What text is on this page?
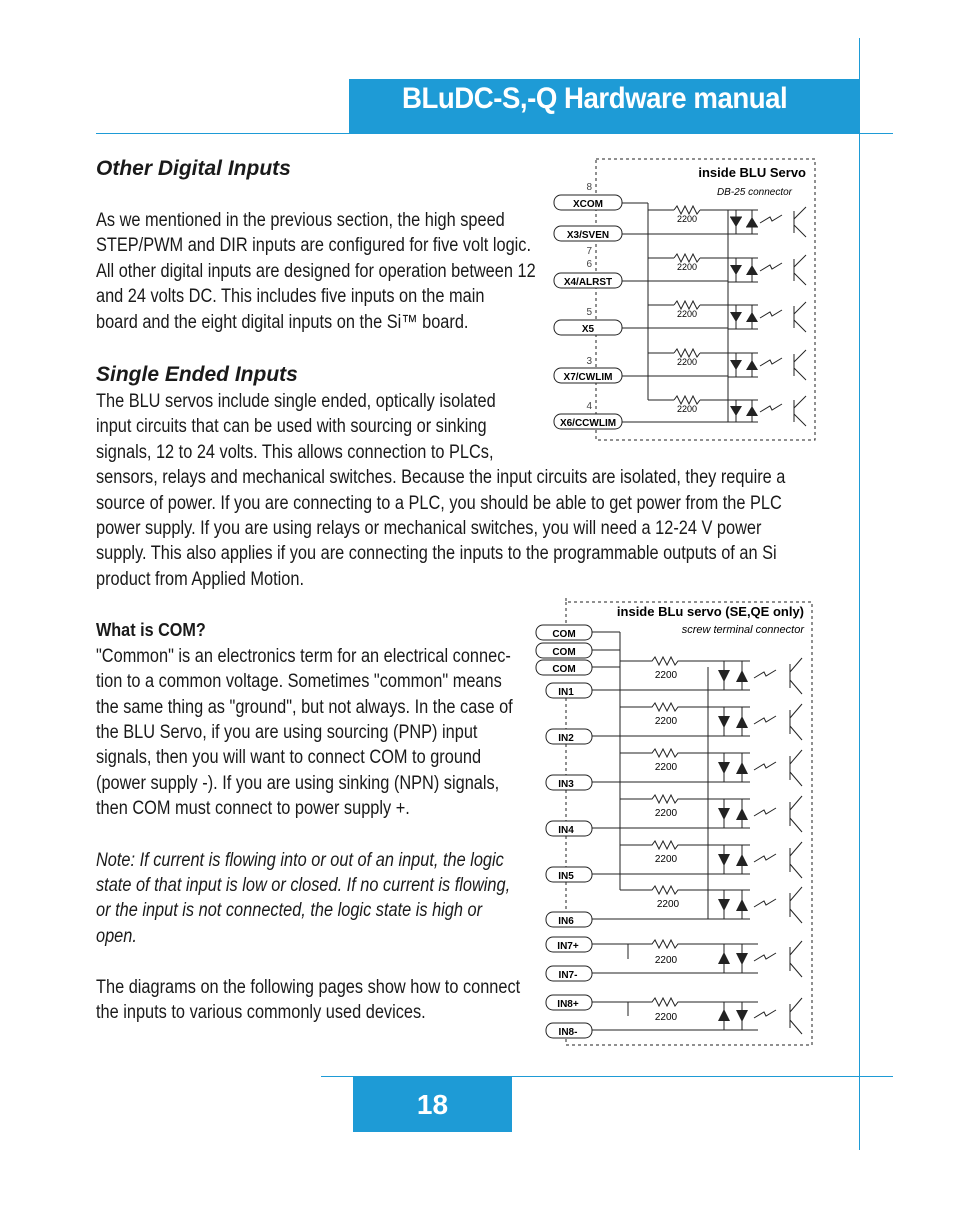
BLuDC-S,-Q Hardware manual
18
Other Digital Inputs
As we mentioned in the previous section, the high speed
STEP/PWM and DIR inputs are configured for five volt logic.
All other digital inputs are designed for operation between 12
and 24 volts DC. This includes five inputs on the main
board and the eight digital inputs on the Si™ board.
Single Ended Inputs
The BLU servos include single ended, optically isolated
input circuits that can be used with sourcing or sinking
signals, 12 to 24 volts. This allows connection to PLCs,
sensors, relays and mechanical switches. Because the input circuits are isolated, they require a
source of power. If you are connecting to a PLC, you should be able to get power from the PLC
power supply. If you are using relays or mechanical switches, you will need a 12-24 V power
supply. This also applies if you are connecting the inputs to the programmable outputs of an Si
product from Applied Motion.
What is COM?
"Common" is an electronics term for an electrical connec-
tion to a common voltage. Sometimes "common" means
the same thing as "ground", but not always. In the case of
the BLU Servo, if you are using sourcing (PNP) input
signals, then you will want to connect COM to ground
(power supply -). If you are using sinking (NPN) signals,
then COM must connect to power supply +.
Note: If current is flowing into or out of an input, the logic
state of that input is low or closed. If no current is flowing,
or the input is not connected, the logic state is high or
open.
The diagrams on the following pages show how to connect
the inputs to various commonly used devices.
inside BLU Servo
DB-25 connector
8
7
6
5
3
4
XCOM
X3/SVEN
X4/ALRST
X5
X7/CWLIM
X6/CCWLIM
2200
2200
2200
2200
2200
inside BLu servo (SE,QE only)
screw terminal connector
COM
COM
COM
IN1
IN2
IN3
IN4
IN5
IN6
IN7+
IN7-
IN8+
IN8-
2200
2200
2200
2200
2200
2200
2200
2200
